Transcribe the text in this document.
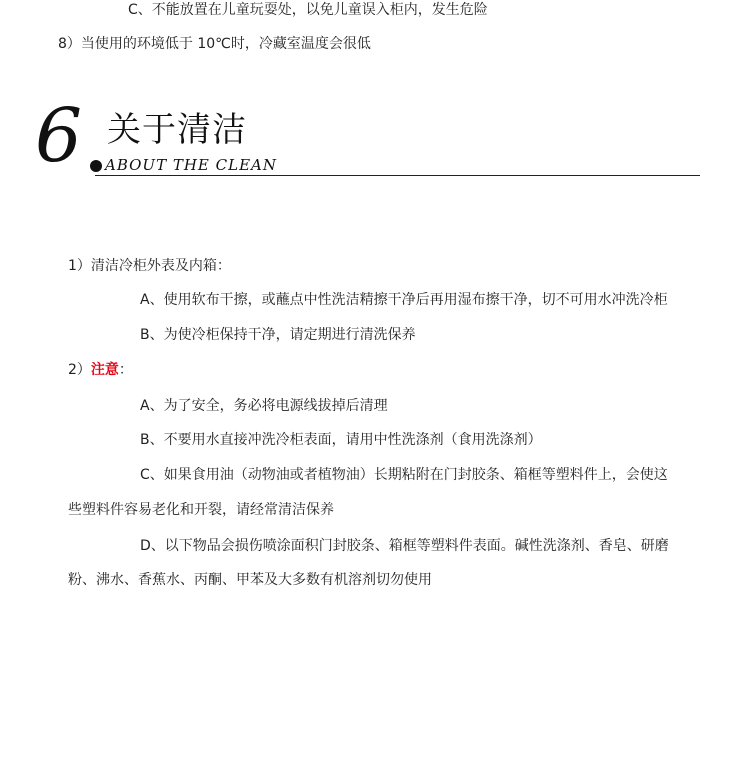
C、不能放置在儿童玩耍处，以免儿童误入柜内，发生危险
8）当使用的环境低于 10℃时，冷藏室温度会很低
6 关于清洁
ABOUT THE CLEAN
1）清洁冷柜外表及内箱：
A、使用软布干擦，或蘸点中性洗洁精擦干净后再用湿布擦干净，切不可用水冲洗冷柜
B、为使冷柜保持干净，请定期进行清洗保养
2）注意：
A、为了安全，务必将电源线拔掉后清理
B、不要用水直接冲洗冷柜表面，请用中性洗涤剂（食用洗涤剂）
C、如果食用油（动物油或者植物油）长期粘附在门封胶条、箱框等塑料件上，会使这
些塑料件容易老化和开裂，请经常清洁保养
D、以下物品会损伤喷涂面积门封胶条、箱框等塑料件表面。碱性洗涤剂、香皂、研磨
粉、沸水、香蕉水、丙酮、甲苯及大多数有机溶剂切勿使用
